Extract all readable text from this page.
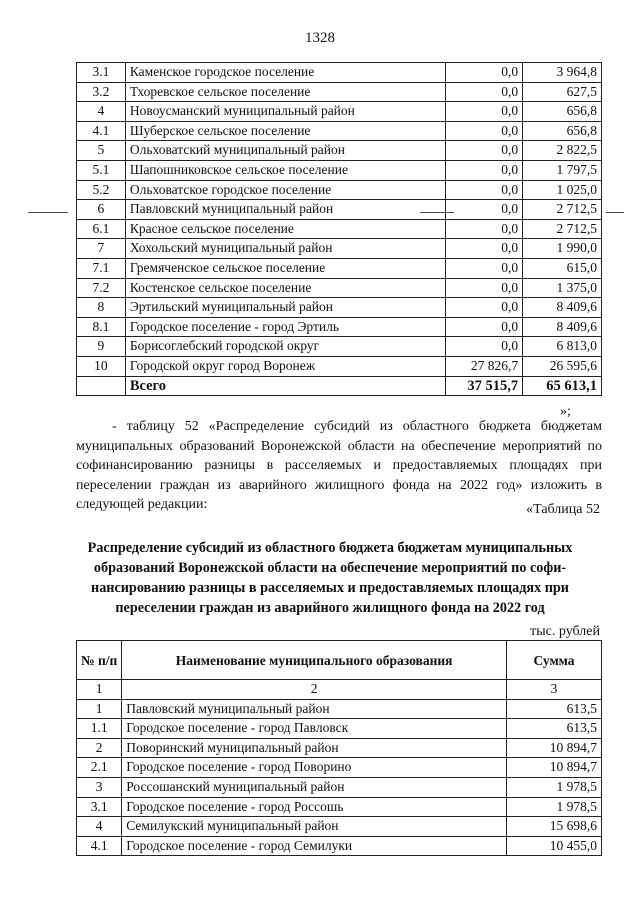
1328
3.1	Каменское городское поселение	0,0	3 964,8
3.2	Тхоревское сельское поселение	0,0	627,5
4	Новоусманский муниципальный район	0,0	656,8
4.1	Шуберское сельское поселение	0,0	656,8
5	Ольховатский муниципальный район	0,0	2 822,5
5.1	Шапошниковское сельское поселение	0,0	1 797,5
5.2	Ольховатское городское поселение	0,0	1 025,0
6	Павловский муниципальный район	0,0	2 712,5
6.1	Красное сельское поселение	0,0	2 712,5
7	Хохольский муниципальный район	0,0	1 990,0
7.1	Гремяченское сельское поселение	0,0	615,0
7.2	Костенское сельское поселение	0,0	1 375,0
8	Эртильский муниципальный район	0,0	8 409,6
8.1	Городское поселение - город Эртиль	0,0	8 409,6
9	Борисоглебский городской округ	0,0	6 813,0
10	Городской округ город Воронеж	27 826,7	26 595,6
	Всего	37 515,7	65 613,1
»;

- таблицу 52 «Распределение субсидий из областного бюджета бюджетам муниципальных образований Воронежской области на обеспечение мероприятий по софинансированию разницы в расселяемых и предоставляемых площадях при переселении граждан из аварийного жилищного фонда на 2022 год» изложить в следующей редакции:	«Таблица 52

Распределение субсидий из областного бюджета бюджетам муниципальных образований Воронежской области на обеспечение мероприятий по софи-нансированию разницы в расселяемых и предоставляемых площадях при переселении граждан из аварийного жилищного фонда на 2022 год

тыс. рублей
№ п/п	Наименование муниципального образования	Сумма
1	2	3
1	Павловский муниципальный район	613,5
1.1	Городское поселение - город Павловск	613,5
2	Поворинский муниципальный район	10 894,7
2.1	Городское поселение - город Поворино	10 894,7
3	Россошанский муниципальный район	1 978,5
3.1	Городское поселение - город Россошь	1 978,5
4	Семилукский муниципальный район	15 698,6
4.1	Городское поселение - город Семилуки	10 455,0
